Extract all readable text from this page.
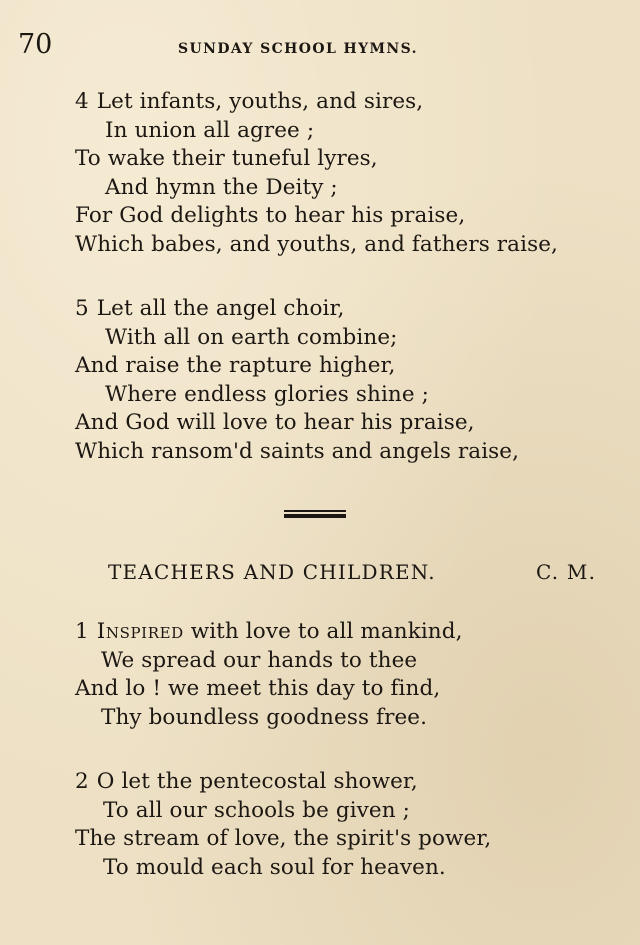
70	SUNDAY SCHOOL HYMNS.
4 Let infants, youths, and sires,
In union all agree ;
To wake their tuneful lyres,
And hymn the Deity ;
For God delights to hear his praise,
Which babes, and youths, and fathers raise,
5 Let all the angel choir,
With all on earth combine;
And raise the rapture higher,
Where endless glories shine ;
And God will love to hear his praise,
Which ransom'd saints and angels raise,
TEACHERS AND CHILDREN.	C. M.
1 Inspired with love to all mankind,
We spread our hands to thee
And lo ! we meet this day to find,
Thy boundless goodness free.
2 O let the pentecostal shower,
To all our schools be given ;
The stream of love, the spirit's power,
To mould each soul for heaven.
